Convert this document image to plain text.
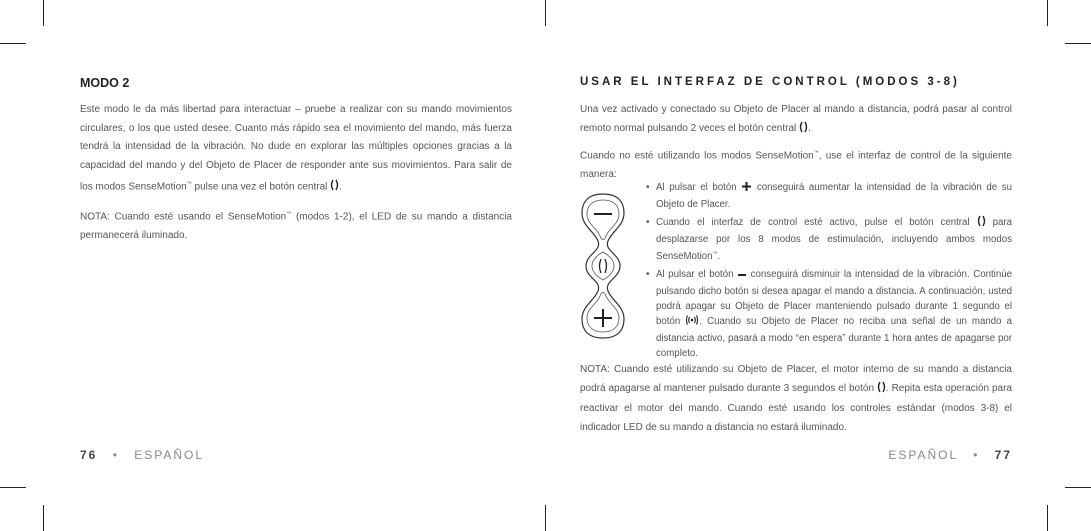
MODO 2

Este modo le da más libertad para interactuar – pruebe a realizar con su mando movimientos circulares, o los que usted desee. Cuanto más rápido sea el movimiento del mando, más fuerza tendrá la intensidad de la vibración. No dude en explorar las múltiples opciones gracias a la capacidad del mando y del Objeto de Placer de responder ante sus movimientos. Para salir de los modos SenseMotion™ pulse una vez el botón central .

NOTA: Cuando esté usando el SenseMotion™ (modos 1-2), el LED de su mando a distancia permanecerá iluminado.

76 • ESPAÑOL
USAR EL INTERFAZ DE CONTROL (MODOS 3-8)

Una vez activado y conectado su Objeto de Placer al mando a distancia, podrá pasar al control remoto normal pulsando 2 veces el botón central .

Cuando no esté utilizando los modos SenseMotion™, use el interfaz de control de la siguiente manera:

• Al pulsar el botón  conseguirá aumentar la intensidad de la vibración de su Objeto de Placer.

• Cuando el interfaz de control esté activo, pulse el botón central  para desplazarse por los 8 modos de estimulación, incluyendo ambos modos SenseMotion™.

• Al pulsar el botón  conseguirá disminuir la intensidad de la vibración. Continúe pulsando dicho botón si desea apagar el mando a distancia. A continuación, usted podrá apagar su Objeto de Placer manteniendo pulsado durante 1 segundo el botón . Cuando su Objeto de Placer no reciba una señal de un mando a distancia activo, pasará a modo “en espera” durante 1 hora antes de apagarse por completo.

NOTA: Cuando esté utilizando su Objeto de Placer, el motor interno de su mando a distancia podrá apagarse al mantener pulsado durante 3 segundos el botón . Repita esta operación para reactivar el motor del mando. Cuando esté usando los controles estándar (modos 3-8) el indicador LED de su mando a distancia no estará iluminado.

ESPAÑOL • 77
